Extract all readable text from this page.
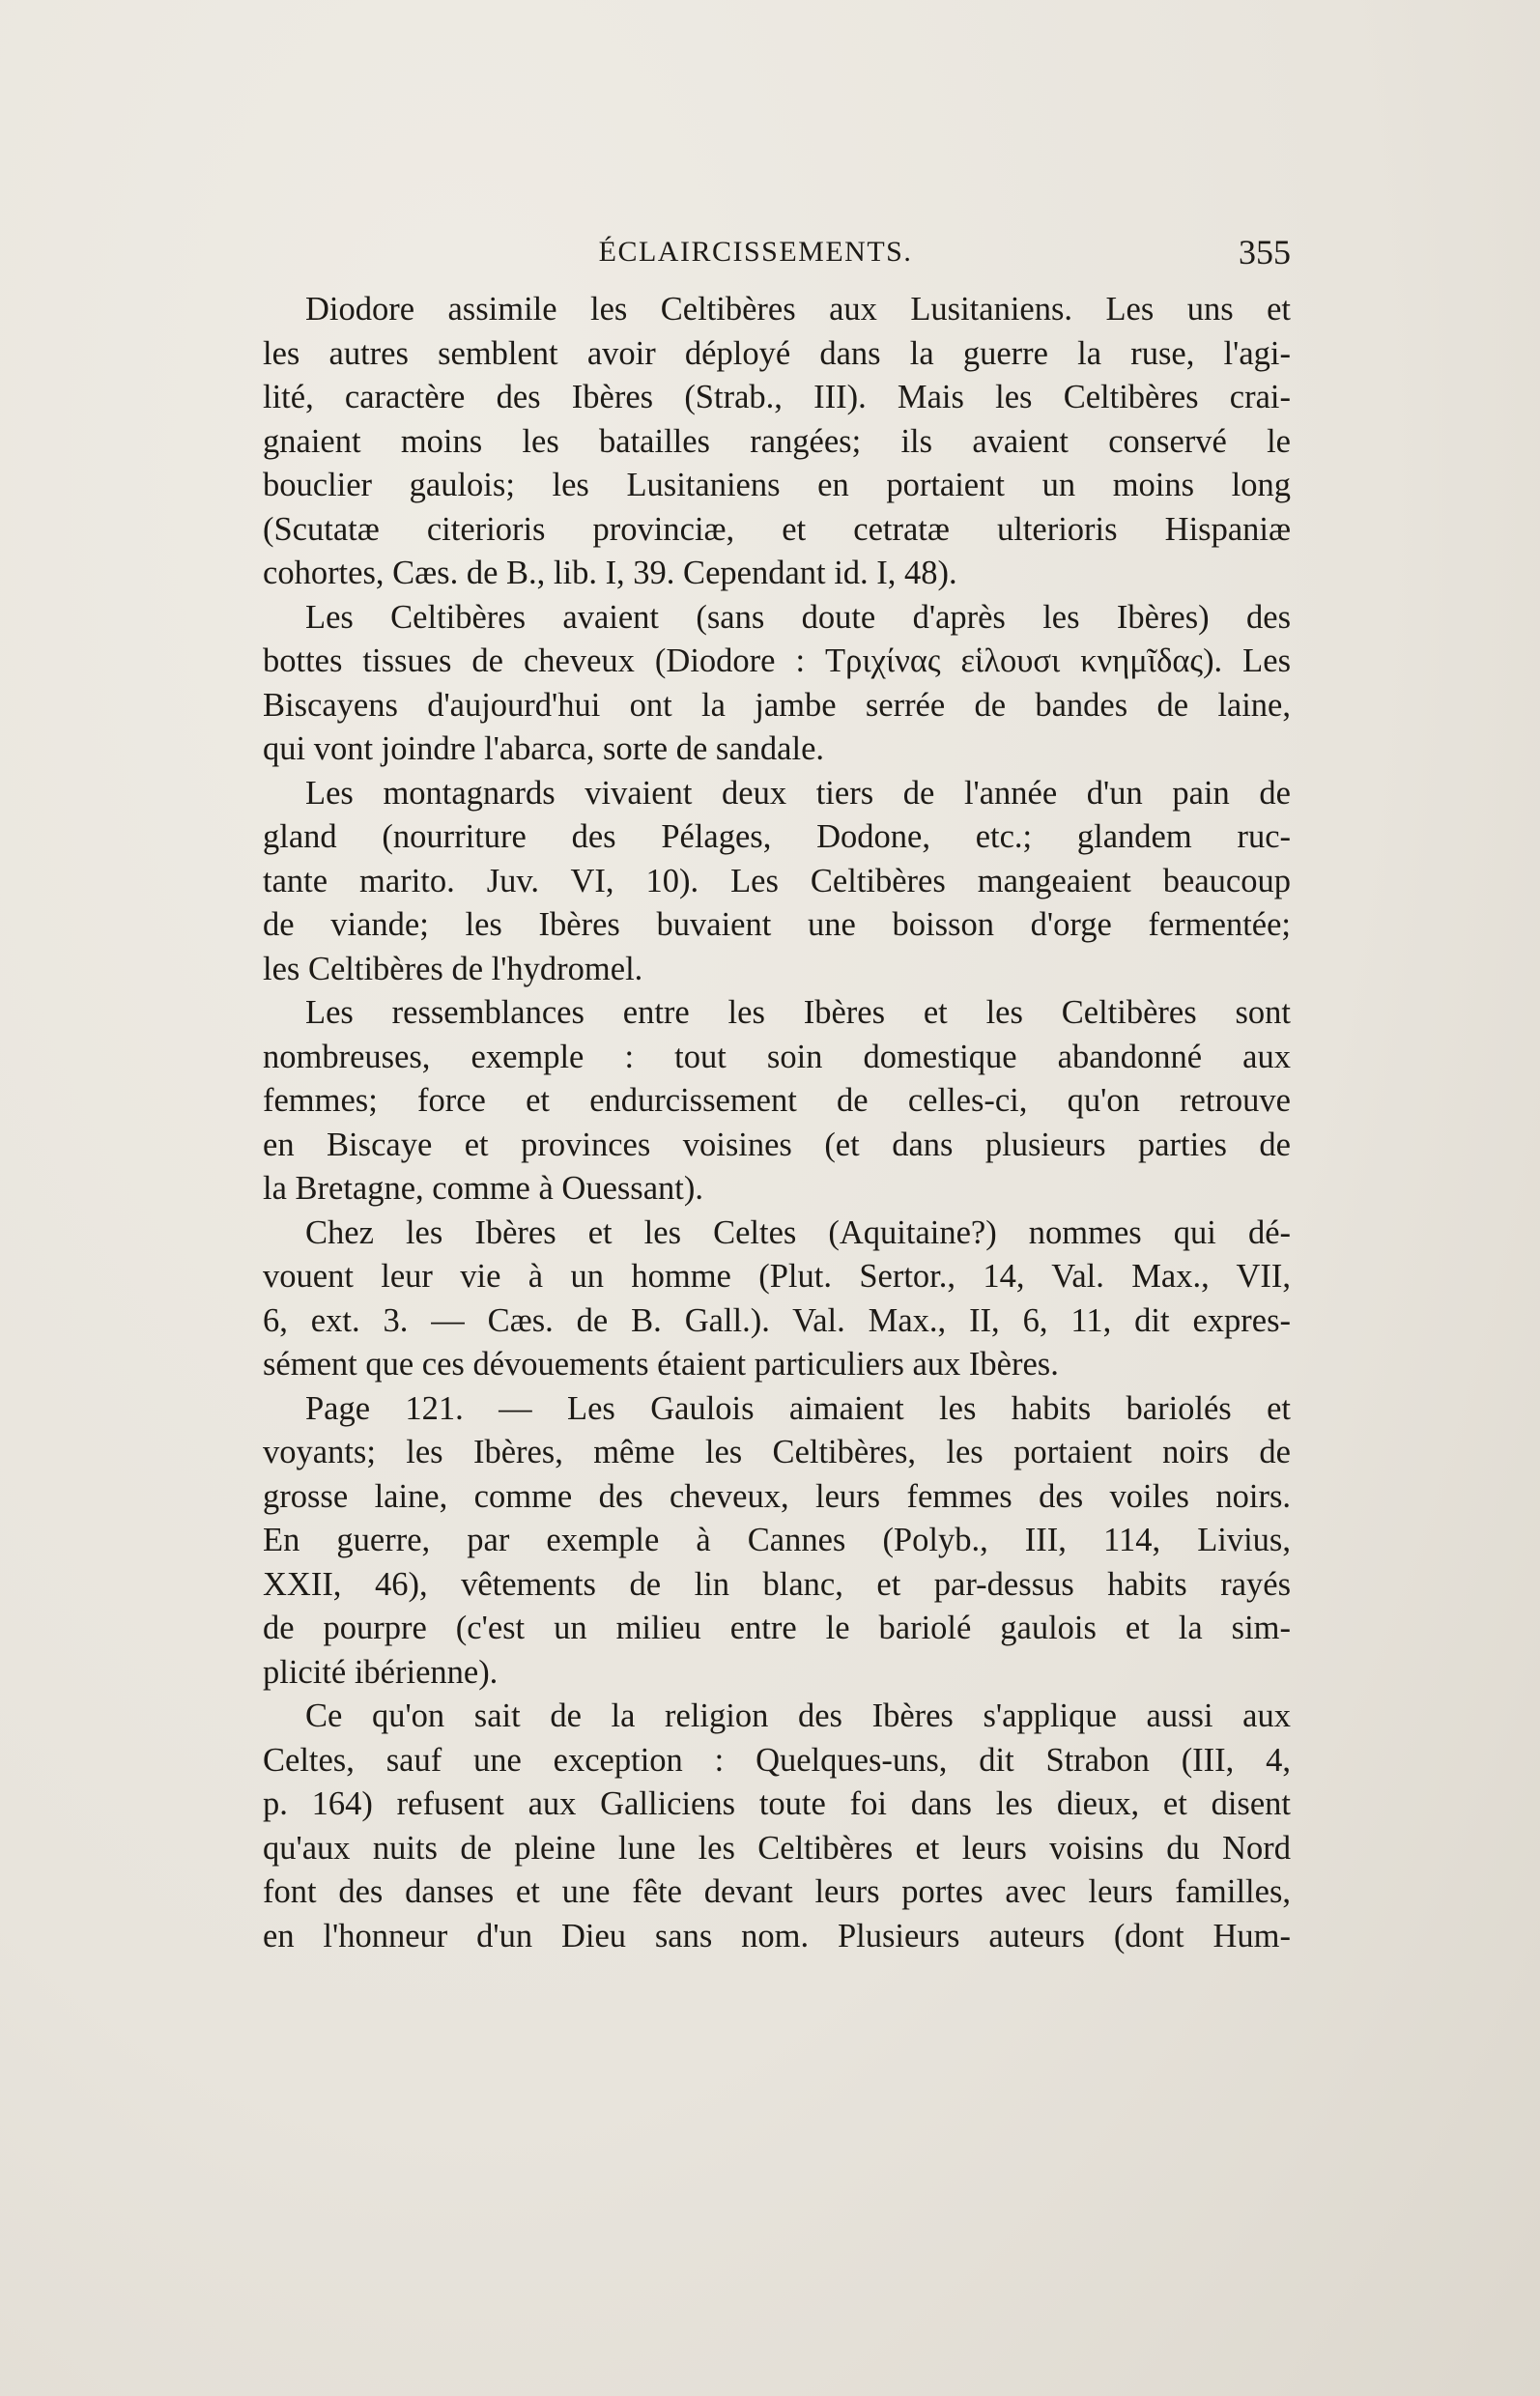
ÉCLAIRCISSEMENTS.	355
Diodore assimile les Celtibères aux Lusitaniens. Les uns et
les autres semblent avoir déployé dans la guerre la ruse, l'agi-
lité, caractère des Ibères (Strab., III). Mais les Celtibères crai-
gnaient moins les batailles rangées; ils avaient conservé le
bouclier gaulois; les Lusitaniens en portaient un moins long
(Scutatæ citerioris provinciæ, et cetratæ ulterioris Hispaniæ
cohortes, Cæs. de B., lib. I, 39. Cependant id. I, 48).
Les Celtibères avaient (sans doute d'après les Ibères) des
bottes tissues de cheveux (Diodore : Τριχίνας εἱλουσι κνημῖδας). Les
Biscayens d'aujourd'hui ont la jambe serrée de bandes de laine,
qui vont joindre l'abarca, sorte de sandale.
Les montagnards vivaient deux tiers de l'année d'un pain de
gland (nourriture des Pélages, Dodone, etc.; glandem ruc-
tante marito. Juv. VI, 10). Les Celtibères mangeaient beaucoup
de viande; les Ibères buvaient une boisson d'orge fermentée;
les Celtibères de l'hydromel.
Les ressemblances entre les Ibères et les Celtibères sont
nombreuses, exemple : tout soin domestique abandonné aux
femmes; force et endurcissement de celles-ci, qu'on retrouve
en Biscaye et provinces voisines (et dans plusieurs parties de
la Bretagne, comme à Ouessant).
Chez les Ibères et les Celtes (Aquitaine?) nommes qui dé-
vouent leur vie à un homme (Plut. Sertor., 14, Val. Max., VII,
6, ext. 3. — Cæs. de B. Gall.). Val. Max., II, 6, 11, dit expres-
sément que ces dévouements étaient particuliers aux Ibères.
Page 121. — Les Gaulois aimaient les habits bariolés et
voyants; les Ibères, même les Celtibères, les portaient noirs de
grosse laine, comme des cheveux, leurs femmes des voiles noirs.
En guerre, par exemple à Cannes (Polyb., III, 114, Livius,
XXII, 46), vêtements de lin blanc, et par-dessus habits rayés
de pourpre (c'est un milieu entre le bariolé gaulois et la sim-
plicité ibérienne).
Ce qu'on sait de la religion des Ibères s'applique aussi aux
Celtes, sauf une exception : Quelques-uns, dit Strabon (III, 4,
p. 164) refusent aux Galliciens toute foi dans les dieux, et disent
qu'aux nuits de pleine lune les Celtibères et leurs voisins du Nord
font des danses et une fête devant leurs portes avec leurs familles,
en l'honneur d'un Dieu sans nom. Plusieurs auteurs (dont Hum-
